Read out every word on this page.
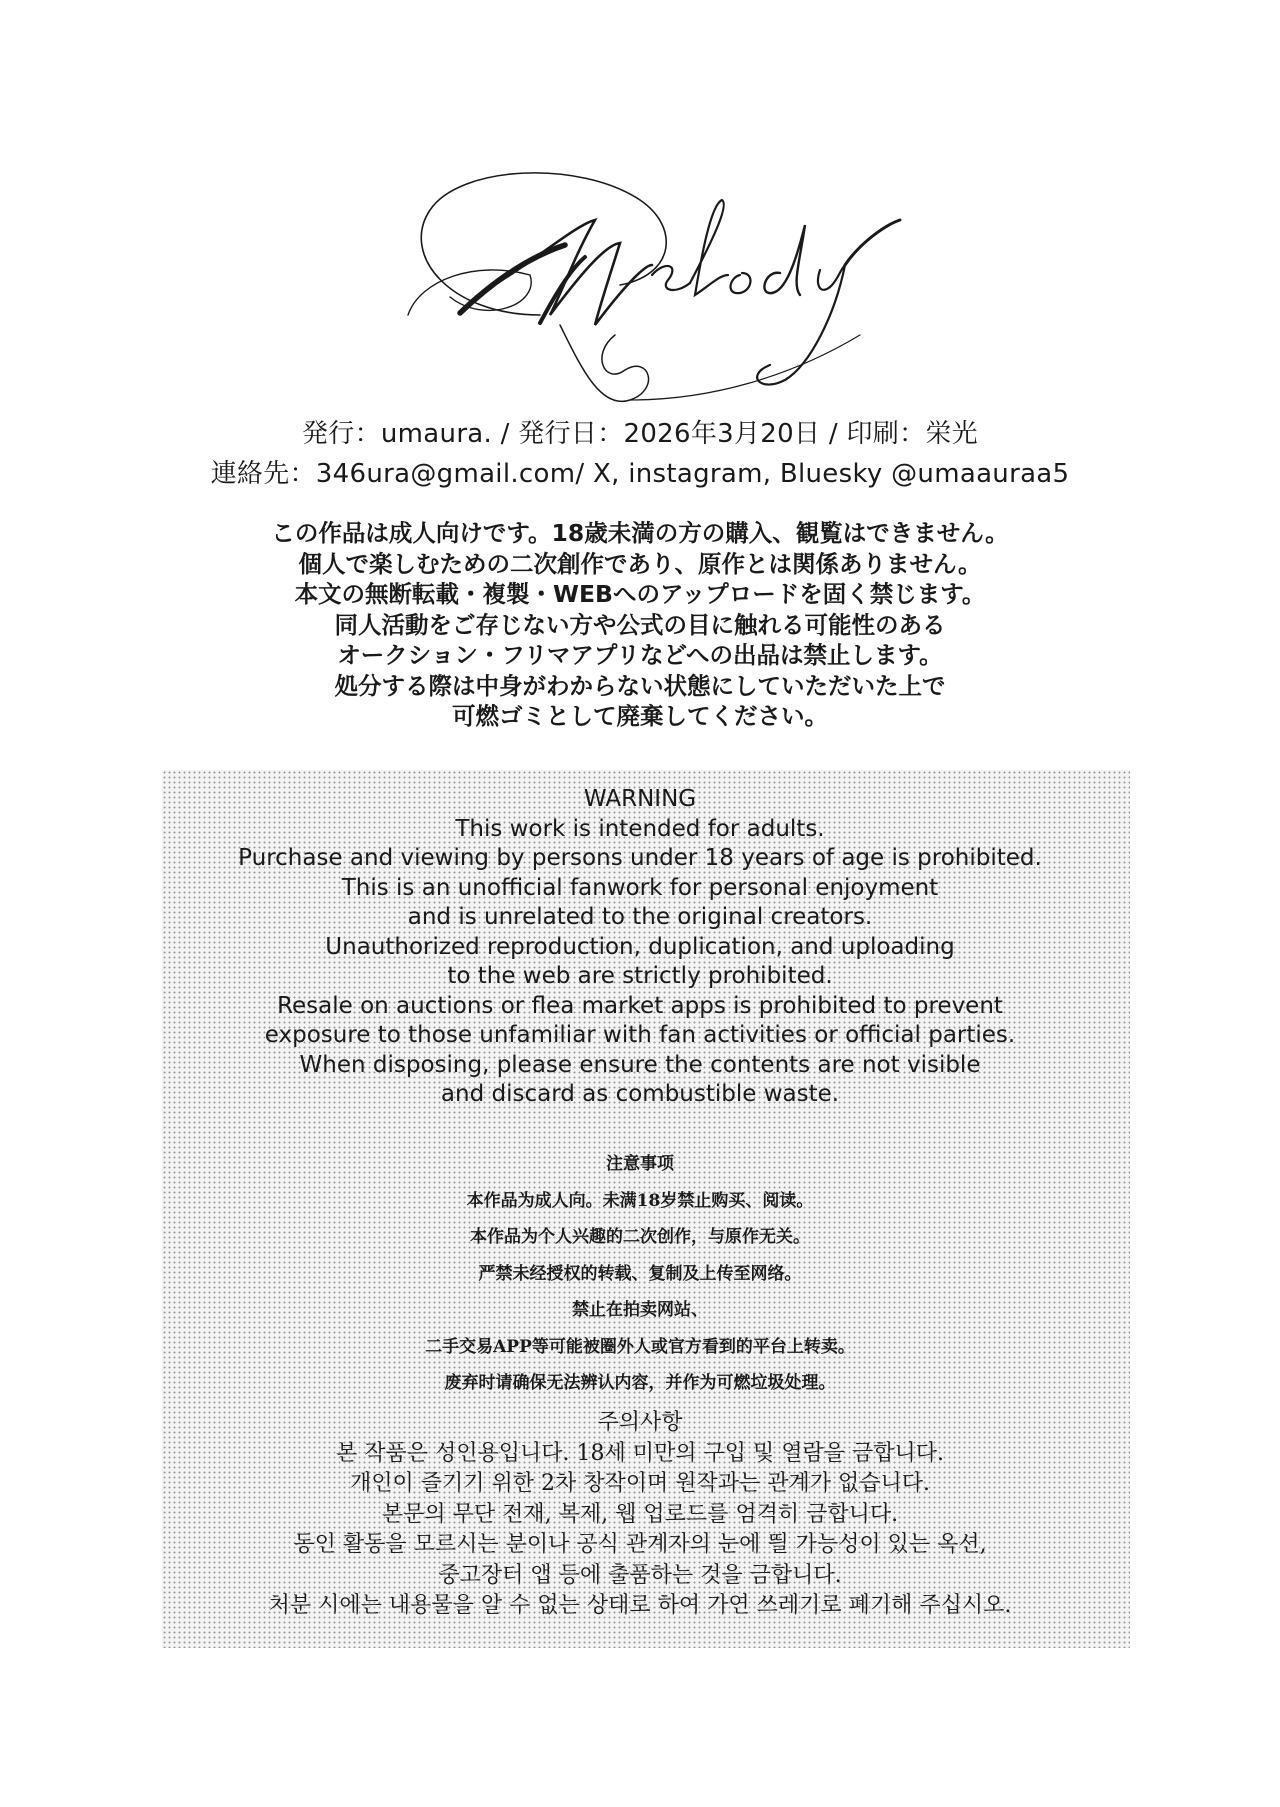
発行：umaura. / 発行日：2026年3月20日 / 印刷：栄光
連絡先：346ura@gmail.com/ X, instagram, Bluesky @umaauraa5
この作品は成人向けです。18歳未満の方の購入、観覧はできません。
個人で楽しむための二次創作であり、原作とは関係ありません。
本文の無断転載・複製・WEBへのアップロードを固く禁じます。
同人活動をご存じない方や公式の目に触れる可能性のある
オークション・フリマアプリなどへの出品は禁止します。
処分する際は中身がわからない状態にしていただいた上で
可燃ゴミとして廃棄してください。
WARNING
This work is intended for adults.
Purchase and viewing by persons under 18 years of age is prohibited.
This is an unofficial fanwork for personal enjoyment
and is unrelated to the original creators.
Unauthorized reproduction, duplication, and uploading
to the web are strictly prohibited.
Resale on auctions or flea market apps is prohibited to prevent
exposure to those unfamiliar with fan activities or official parties.
When disposing, please ensure the contents are not visible
and discard as combustible waste.
注意事项
本作品为成人向。未满18岁禁止购买、阅读。
本作品为个人兴趣的二次创作，与原作无关。
严禁未经授权的转载、复制及上传至网络。
禁止在拍卖网站、
二手交易APP等可能被圈外人或官方看到的平台上转卖。
废弃时请确保无法辨认内容，并作为可燃垃圾处理。
주의사항
본 작품은 성인용입니다. 18세 미만의 구입 및 열람을 금합니다.
개인이 즐기기 위한 2차 창작이며 원작과는 관계가 없습니다.
본문의 무단 전재, 복제, 웹 업로드를 엄격히 금합니다.
동인 활동을 모르시는 분이나 공식 관계자의 눈에 띌 가능성이 있는 옥션,
중고장터 앱 등에 출품하는 것을 금합니다.
처분 시에는 내용물을 알 수 없는 상태로 하여 가연 쓰레기로 폐기해 주십시오.
